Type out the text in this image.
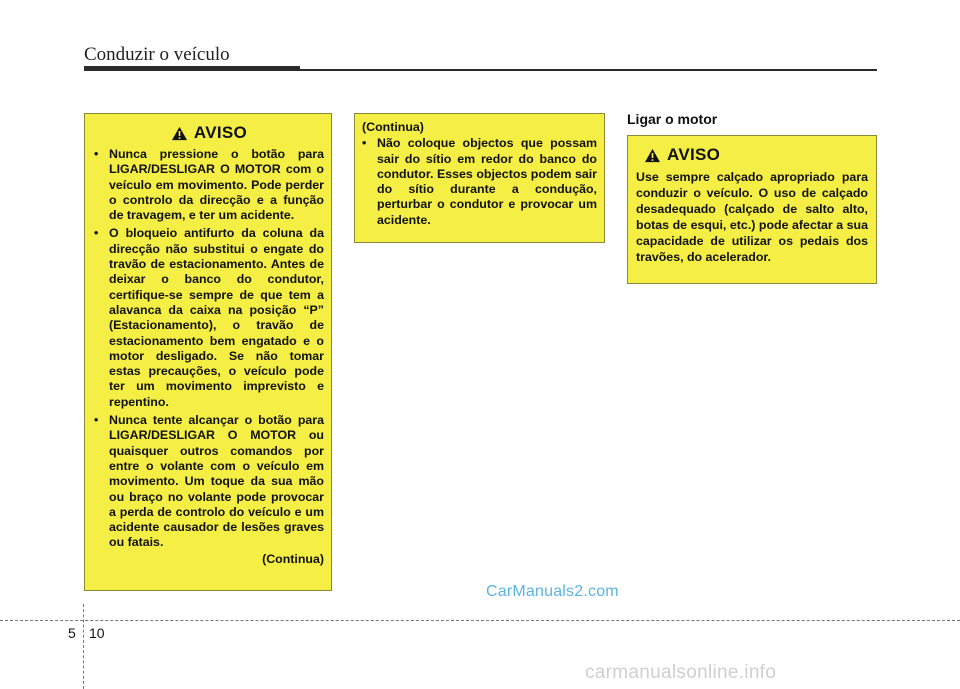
Conduzir o veículo
AVISO
• Nunca pressione o botão para LIGAR/DESLIGAR O MOTOR com o veículo em movimento. Pode perder o controlo da direcção e a função de travagem, e ter um acidente.
• O bloqueio antifurto da coluna da direcção não substitui o engate do travão de estacionamento. Antes de deixar o banco do condutor, certifique-se sempre de que tem a alavanca da caixa na posição “P” (Estacionamento), o travão de estacionamento bem engatado e o motor desligado. Se não tomar estas precauções, o veículo pode ter um movimento imprevisto e repentino.
• Nunca tente alcançar o botão para LIGAR/DESLIGAR O MOTOR ou quaisquer outros comandos por entre o volante com o veículo em movimento. Um toque da sua mão ou braço no volante pode provocar a perda de controlo do veículo e um acidente causador de lesões graves ou fatais.
(Continua)
(Continua)
• Não coloque objectos que possam sair do sítio em redor do banco do condutor. Esses objectos podem sair do sítio durante a condução, perturbar o condutor e provocar um acidente.
Ligar o motor
AVISO

Use sempre calçado apropriado para conduzir o veículo. O uso de calçado desadequado (calçado de salto alto, botas de esqui, etc.) pode afectar a sua capacidade de utilizar os pedais dos travões, do acelerador.

CarManuals2.com
5 10
carmanualsonline.info
